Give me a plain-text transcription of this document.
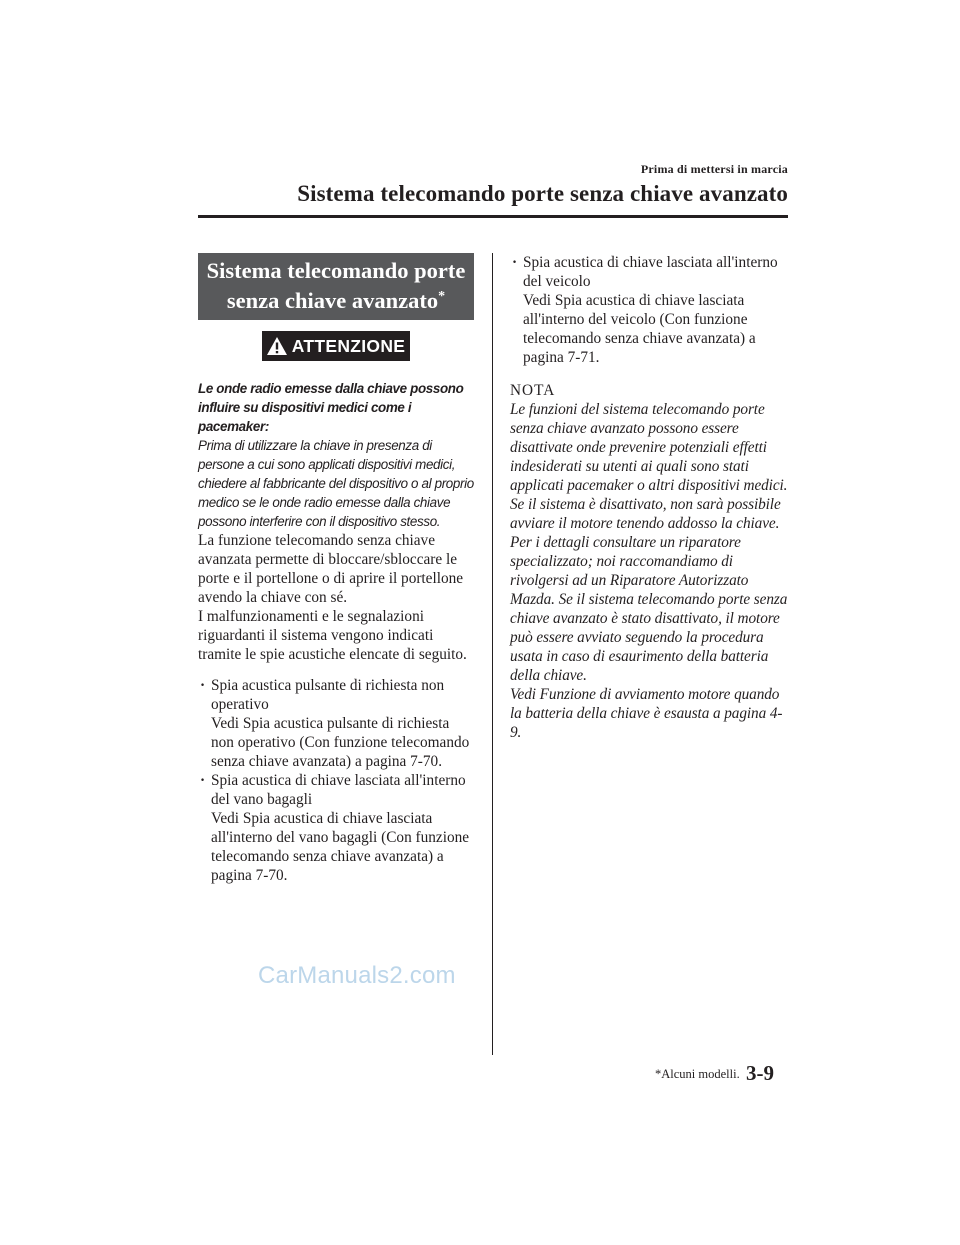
Prima di mettersi in marcia
Sistema telecomando porte senza chiave avanzato
Sistema telecomando porte
senza chiave avanzato*
ATTENZIONE
Le onde radio emesse dalla chiave possono influire su dispositivi medici come i pacemaker:
Prima di utilizzare la chiave in presenza di persone a cui sono applicati dispositivi medici, chiedere al fabbricante del dispositivo o al proprio medico se le onde radio emesse dalla chiave possono interferire con il dispositivo stesso.

La funzione telecomando senza chiave avanzata permette di bloccare/sbloccare le porte e il portellone o di aprire il portellone avendo la chiave con sé.

I malfunzionamenti e le segnalazioni riguardanti il sistema vengono indicati tramite le spie acustiche elencate di seguito.

· Spia acustica pulsante di richiesta non operativo
Vedi Spia acustica pulsante di richiesta non operativo (Con funzione telecomando senza chiave avanzata) a pagina 7-70.
· Spia acustica di chiave lasciata all'interno del vano bagagli
Vedi Spia acustica di chiave lasciata all'interno del vano bagagli (Con funzione telecomando senza chiave avanzata) a pagina 7-70.
· Spia acustica di chiave lasciata all'interno del veicolo
Vedi Spia acustica di chiave lasciata all'interno del veicolo (Con funzione telecomando senza chiave avanzata) a pagina 7-71.
NOTA
Le funzioni del sistema telecomando porte senza chiave avanzato possono essere disattivate onde prevenire potenziali effetti indesiderati su utenti ai quali sono stati applicati pacemaker o altri dispositivi medici. Se il sistema è disattivato, non sarà possibile avviare il motore tenendo addosso la chiave. Per i dettagli consultare un riparatore specializzato; noi raccomandiamo di rivolgersi ad un Riparatore Autorizzato Mazda. Se il sistema telecomando porte senza chiave avanzato è stato disattivato, il motore può essere avviato seguendo la procedura usata in caso di esaurimento della batteria della chiave.
Vedi Funzione di avviamento motore quando la batteria della chiave è esausta a pagina 4-9.
CarManuals2.com
*Alcuni modelli. 3-9
